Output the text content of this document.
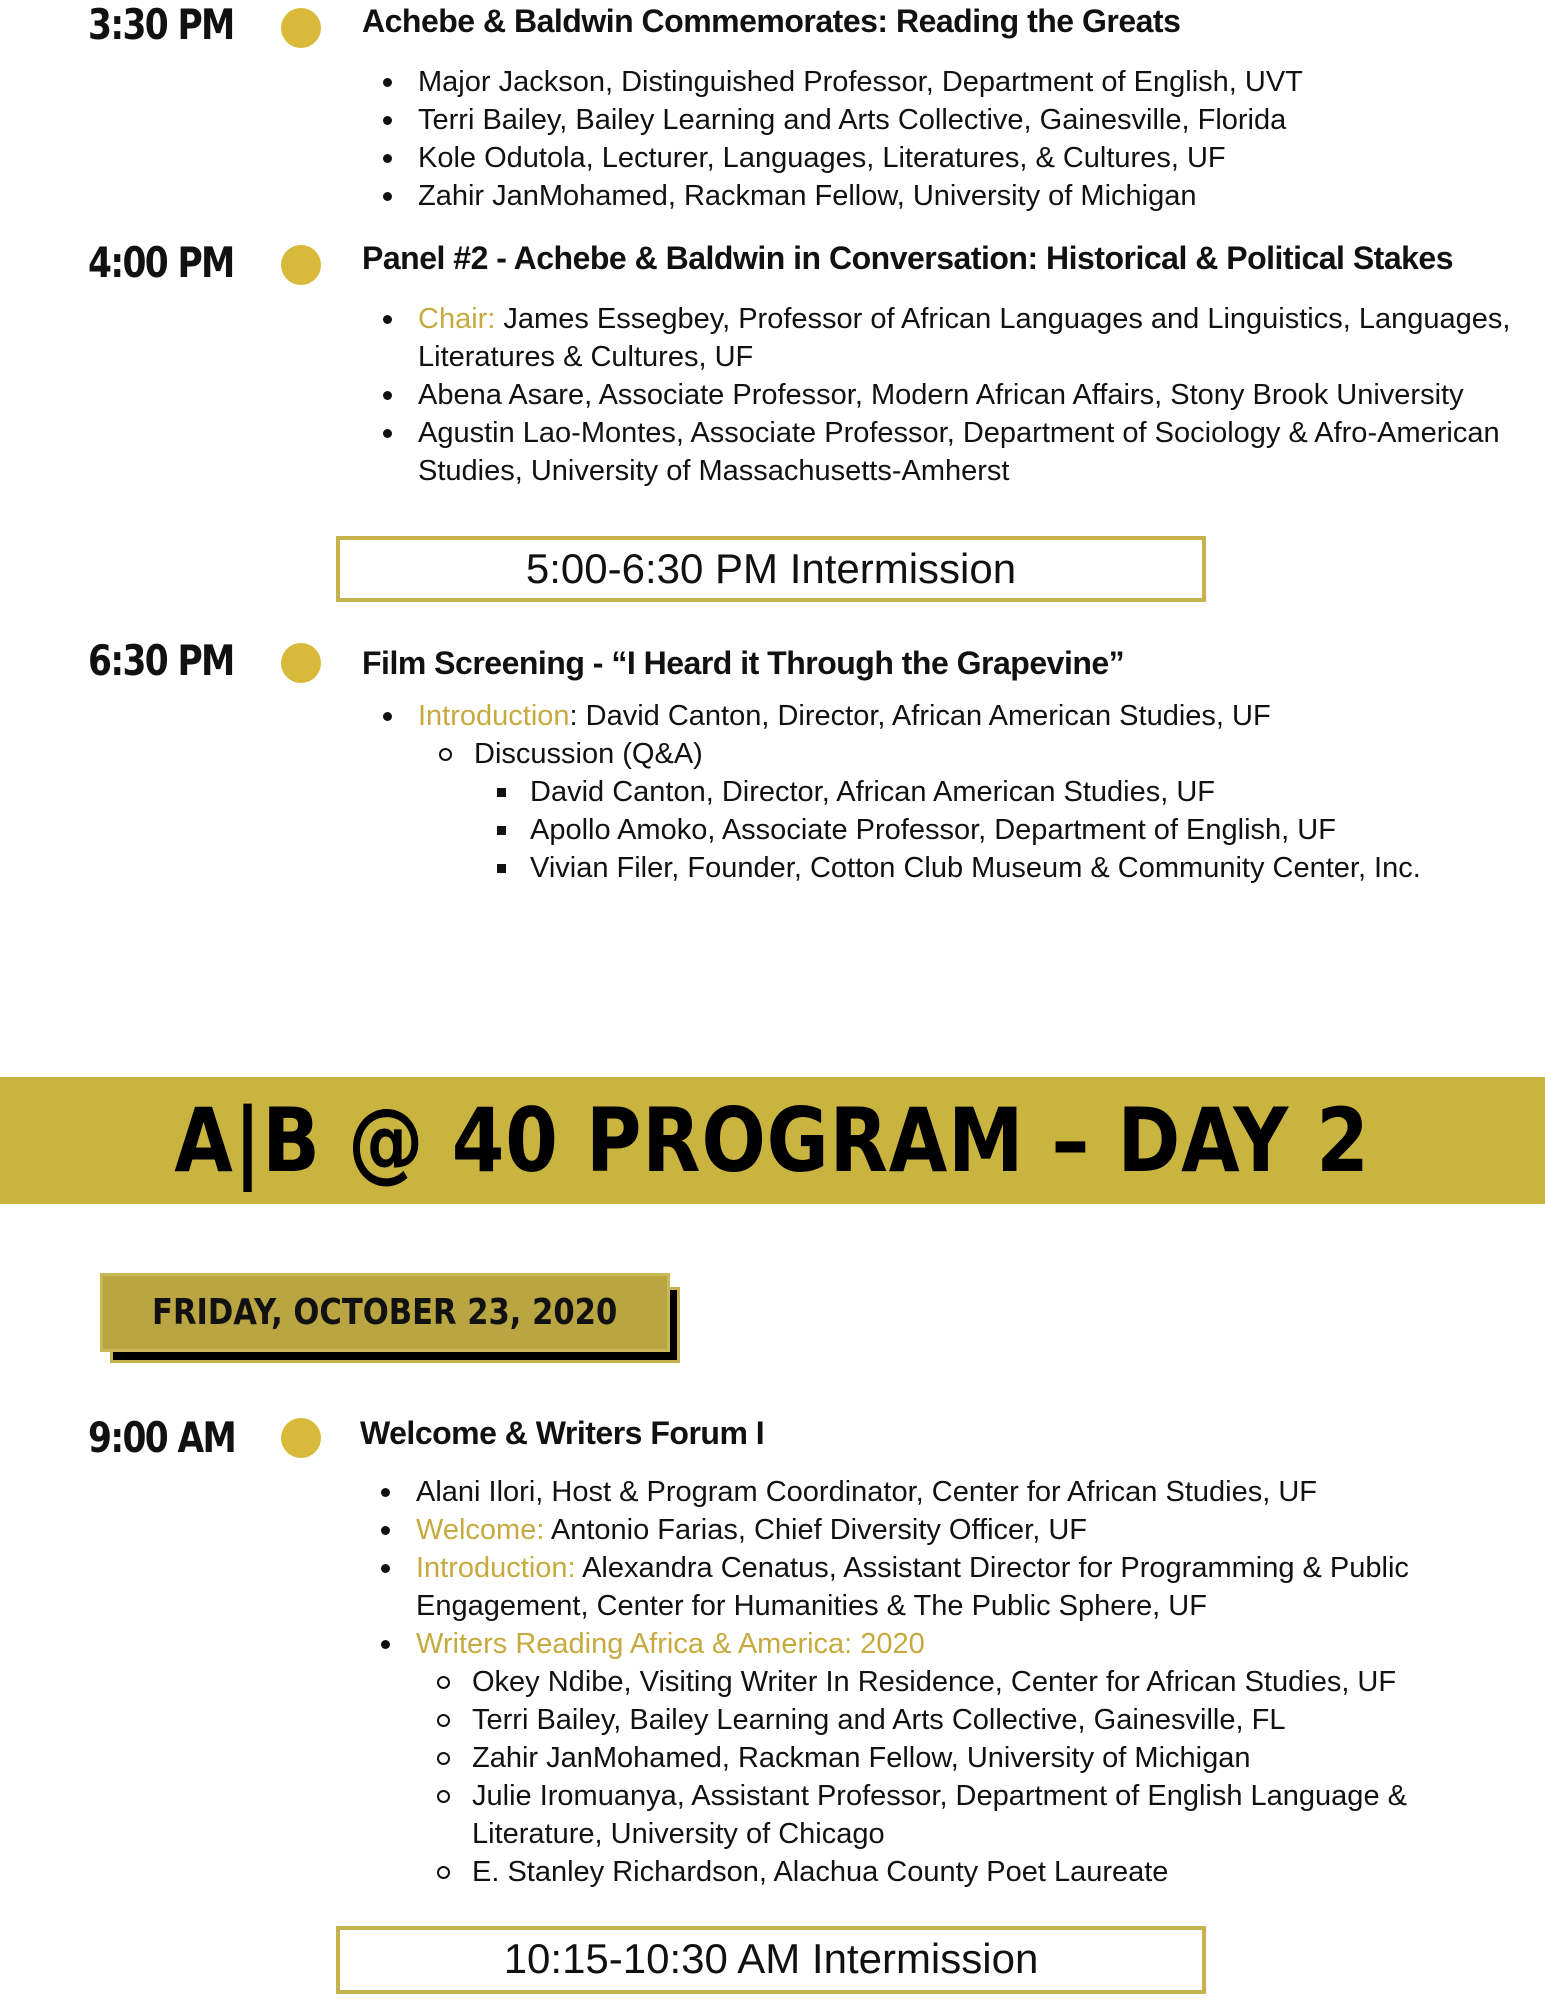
3:30 PM	Achebe & Baldwin Commemorates: Reading the Greats
Major Jackson, Distinguished Professor, Department of English, UVT
Terri Bailey, Bailey Learning and Arts Collective, Gainesville, Florida
Kole Odutola, Lecturer, Languages, Literatures, & Cultures, UF
Zahir JanMohamed, Rackman Fellow, University of Michigan
4:00 PM	Panel #2 - Achebe & Baldwin in Conversation: Historical & Political Stakes
Chair: James Essegbey, Professor of African Languages and Linguistics, Languages, Literatures & Cultures, UF
Abena Asare, Associate Professor, Modern African Affairs, Stony Brook University
Agustin Lao-Montes, Associate Professor, Department of Sociology & Afro-American Studies, University of Massachusetts-Amherst
5:00-6:30 PM Intermission
6:30 PM	Film Screening - “I Heard it Through the Grapevine”
Introduction: David Canton, Director, African American Studies, UF
Discussion (Q&A)
David Canton, Director, African American Studies, UF
Apollo Amoko, Associate Professor, Department of English, UF
Vivian Filer, Founder, Cotton Club Museum & Community Center, Inc.
A|B @ 40 PROGRAM – DAY 2
FRIDAY, OCTOBER 23, 2020
9:00 AM	Welcome & Writers Forum I
Alani Ilori, Host & Program Coordinator, Center for African Studies, UF
Welcome: Antonio Farias, Chief Diversity Officer, UF
Introduction: Alexandra Cenatus, Assistant Director for Programming & Public Engagement, Center for Humanities & The Public Sphere, UF
Writers Reading Africa & America: 2020
Okey Ndibe, Visiting Writer In Residence, Center for African Studies, UF
Terri Bailey, Bailey Learning and Arts Collective, Gainesville, FL
Zahir JanMohamed, Rackman Fellow, University of Michigan
Julie Iromuanya, Assistant Professor, Department of English Language & Literature, University of Chicago
E. Stanley Richardson, Alachua County Poet Laureate
10:15-10:30 AM Intermission
